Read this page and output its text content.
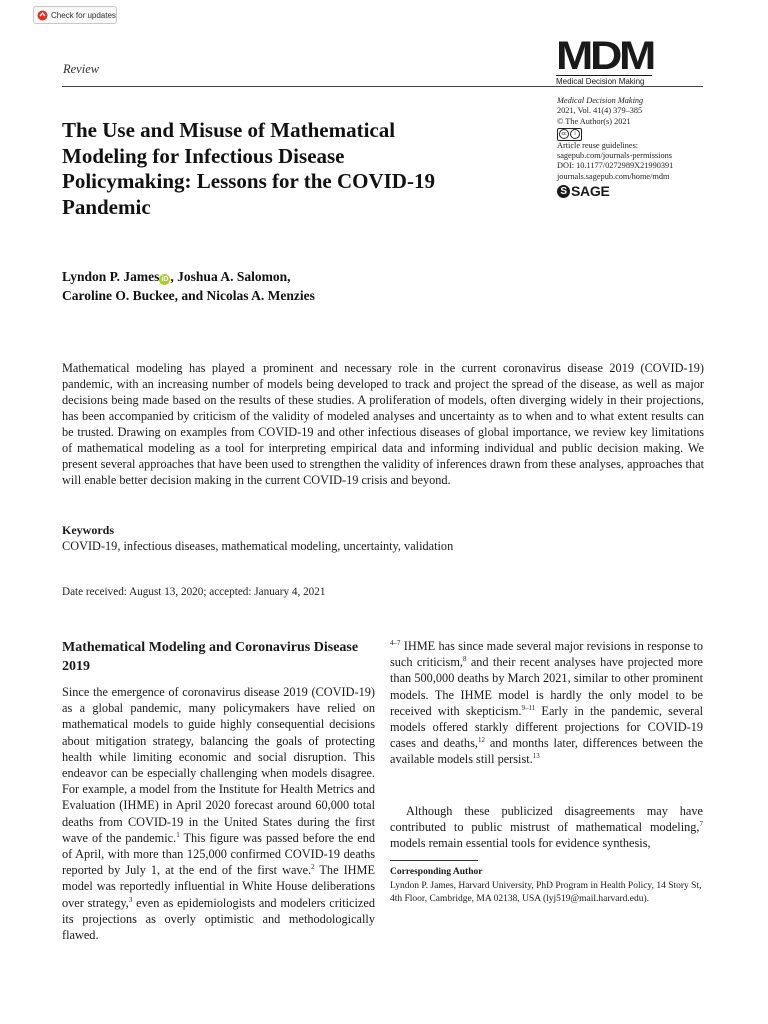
Check for updates
Review	MDM
Medical Decision Making
Medical Decision Making
2021, Vol. 41(4) 379–385
© The Author(s) 2021
cc	i
Article reuse guidelines:
sagepub.com/journals-permissions
DOI: 10.1177/0272989X21990391
journals.sagepub.com/home/mdm
S SAGE
The Use and Misuse of Mathematical Modeling for Infectious Disease Policymaking: Lessons for the COVID-19 Pandemic
Lyndon P. James iD , Joshua A. Salomon,
Caroline O. Buckee, and Nicolas A. Menzies

Mathematical modeling has played a prominent and necessary role in the current coronavirus disease 2019 (COVID-19) pandemic, with an increasing number of models being developed to track and project the spread of the disease, as well as major decisions being made based on the results of these studies. A proliferation of models, often diverging widely in their projections, has been accompanied by criticism of the validity of modeled analyses and uncertainty as to when and to what extent results can be trusted. Drawing on examples from COVID-19 and other infectious diseases of global importance, we review key limitations of mathematical modeling as a tool for interpreting empirical data and informing individual and public decision making. We present several approaches that have been used to strengthen the validity of inferences drawn from these analyses, approaches that will enable better decision making in the current COVID-19 crisis and beyond.

Keywords
COVID-19, infectious diseases, mathematical modeling, uncertainty, validation
Date received: August 13, 2020; accepted: January 4, 2021
Mathematical Modeling and Coronavirus Disease 2019

Since the emergence of coronavirus disease 2019 (COVID-19) as a global pandemic, many policymakers have relied on mathematical models to guide highly consequential decisions about mitigation strategy, balancing the goals of protecting health while limiting economic and social disruption. This endeavor can be especially challenging when models disagree. For example, a model from the Institute for Health Metrics and Evaluation (IHME) in April 2020 forecast around 60,000 total deaths from COVID-19 in the United States during the first wave of the pandemic.$^1$ This figure was passed before the end of April, with more than 125,000 confirmed COVID-19 deaths reported by July 1, at the end of the first wave.$^2$ The IHME model was reportedly influential in White House deliberations over strategy,$^3$ even as epidemiologists and modelers criticized its projections as overly optimistic and methodologically flawed.

$^{4-7}$ IHME has since made several major revisions in response to such criticism,$^8$ and their recent analyses have projected more than 500,000 deaths by March 2021, similar to other prominent models. The IHME model is hardly the only model to be received with skepticism.$^{9-11}$ Early in the pandemic, several models offered starkly different projections for COVID-19 cases and deaths,$^{12}$ and months later, differences between the available models still persist.$^{13}$

Although these publicized disagreements may have contributed to public mistrust of mathematical modeling,$^7$ models remain essential tools for evidence synthesis,

Corresponding Author
Lyndon P. James, Harvard University, PhD Program in Health Policy, 14 Story St, 4th Floor, Cambridge, MA 02138, USA (lyj519@mail.harvard.edu).
